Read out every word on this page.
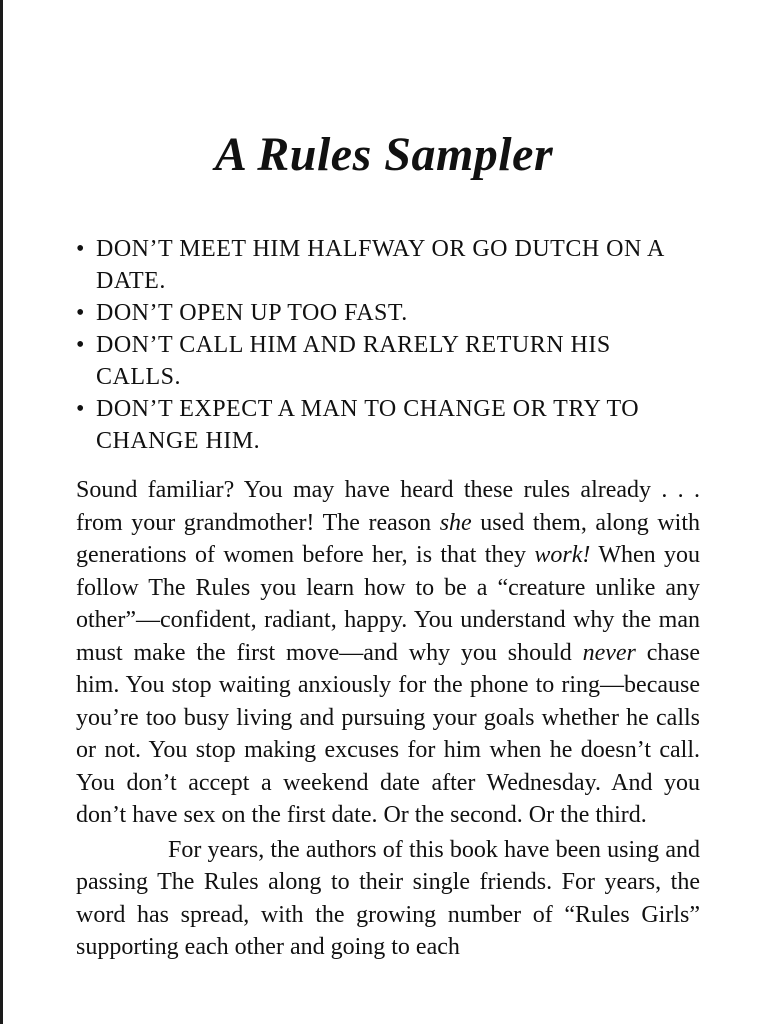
A Rules Sampler
• DON’T MEET HIM HALFWAY OR GO DUTCH ON A DATE.
• DON’T OPEN UP TOO FAST.
• DON’T CALL HIM AND RARELY RETURN HIS CALLS.
• DON’T EXPECT A MAN TO CHANGE OR TRY TO CHANGE HIM.

Sound familiar? You may have heard these rules already . . . from your grandmother! The reason she used them, along with generations of women before her, is that they work! When you follow The Rules you learn how to be a “creature unlike any other”—confident, radiant, happy. You understand why the man must make the first move—and why you should never chase him. You stop waiting anxiously for the phone to ring—because you’re too busy living and pursuing your goals whether he calls or not. You stop making excuses for him when he doesn’t call. You don’t accept a weekend date after Wednesday. And you don’t have sex on the first date. Or the second. Or the third.

For years, the authors of this book have been using and passing The Rules along to their single friends. For years, the word has spread, with the growing number of “Rules Girls” supporting each other and going to each
